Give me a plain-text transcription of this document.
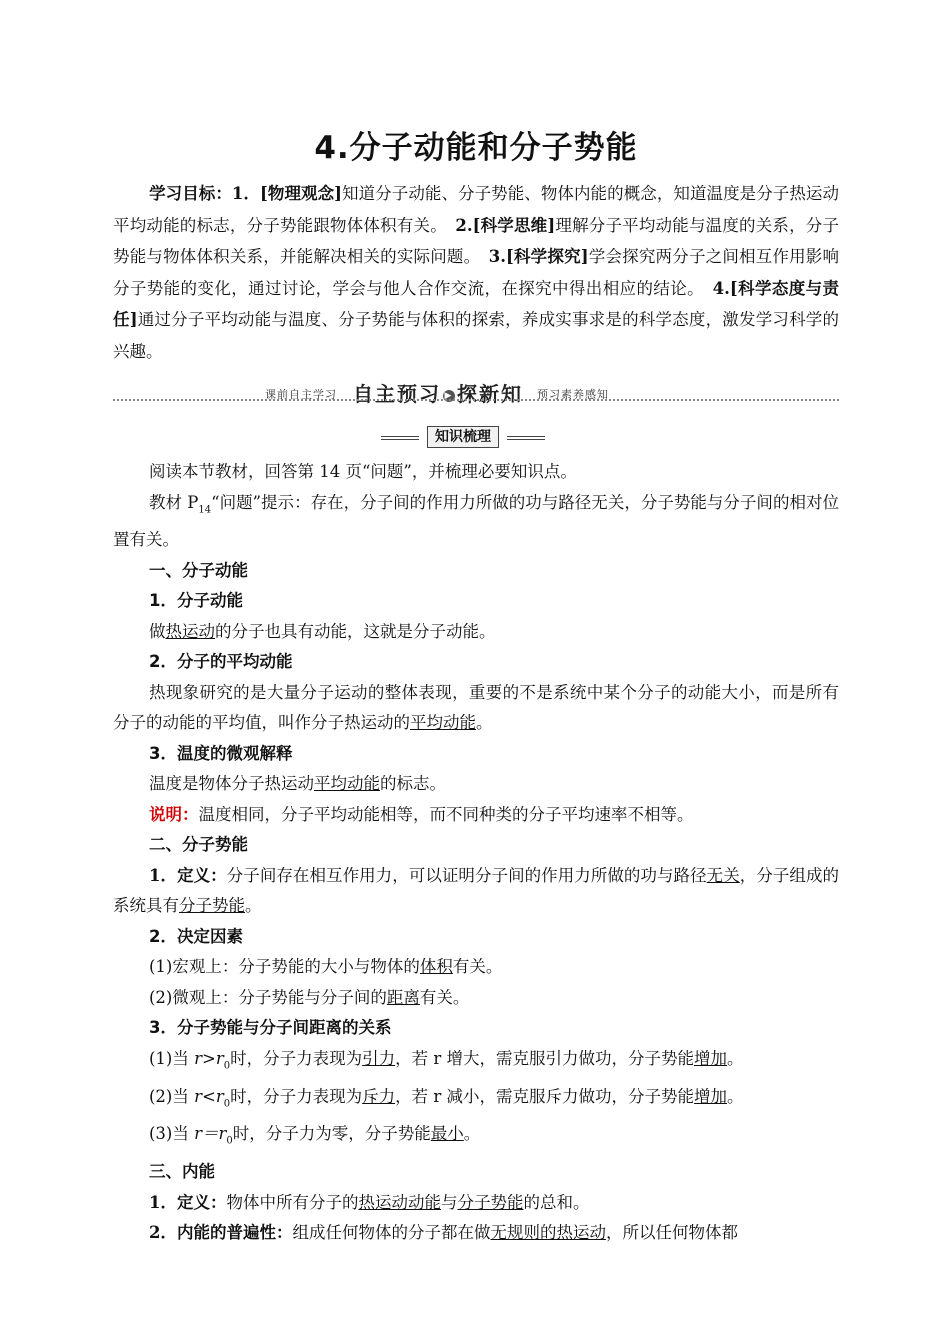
4.分子动能和分子势能
学习目标：1．[物理观念]知道分子动能、分子势能、物体内能的概念，知道温度是分子热运动平均动能的标志，分子势能跟物体体积有关。　 2.[科学思维]理解分子平均动能与温度的关系，分子势能与物体体积关系，并能解决相关的实际问题。　 3.[科学探究]学会探究两分子之间相互作用影响分子势能的变化，通过讨论，学会与他人合作交流，在探究中得出相应的结论。　 4.[科学态度与责任]通过分子平均动能与温度、分子势能与体积的探索，养成实事求是的科学态度，激发学习科学的兴趣。
课前自主学习 自主预习 ▶ 探新知 预习素养感知
知识梳理

阅读本节教材，回答第 14 页“问题”，并梳理必要知识点。

教材 $P_{14}“$问题”提示：存在，分子间的作用力所做的功与路径无关，分子势能与分子间的相对位置有关。

一、分子动能

1．分子动能

做热运动的分子也具有动能，这就是分子动能。

2．分子的平均动能

热现象研究的是大量分子运动的整体表现，重要的不是系统中某个分子的动能大小，而是所有分子的动能的平均值，叫作分子热运动的平均动能。

3．温度的微观解释

温度是物体分子热运动平均动能的标志。

说明：温度相同，分子平均动能相等，而不同种类的分子平均速率不相等。

二、分子势能

1．定义：分子间存在相互作用力，可以证明分子间的作用力所做的功与路径无关，分子组成的系统具有分子势能。

2．决定因素

(1)宏观上：分子势能的大小与物体的体积有关。

(2)微观上：分子势能与分子间的距离有关。

3．分子势能与分子间距离的关系

(1)当 $r>r_0$时，分子力表现为引力，若 r 增大，需克服引力做功，分子势能增加。

(2)当 $r<r_0$时，分子力表现为斥力，若 r 减小，需克服斥力做功，分子势能增加。

(3)当 $r=r_0$时，分子力为零，分子势能最小。

三、内能

1．定义：物体中所有分子的热运动动能与分子势能的总和。

2．内能的普遍性：组成任何物体的分子都在做无规则的热运动，所以任何物体都
